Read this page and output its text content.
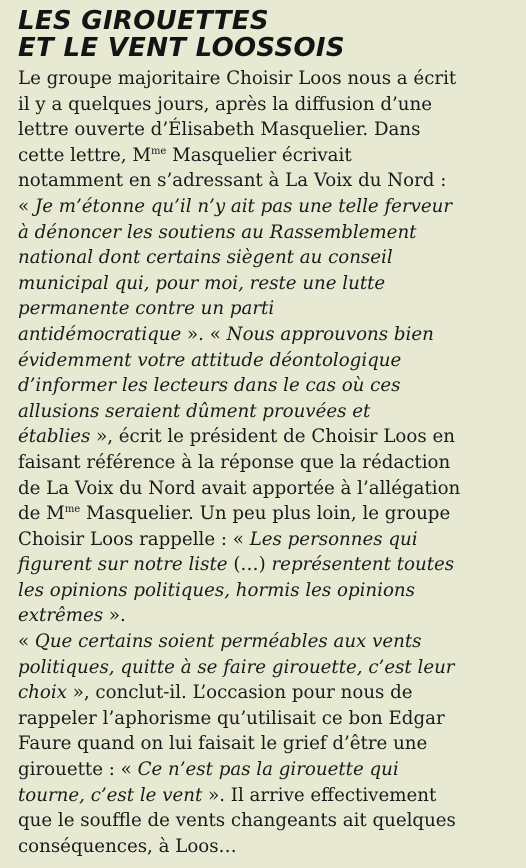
LES GIROUETTES
ET LE VENT LOOSSOIS
Le groupe majoritaire Choisir Loos nous a écrit
il y a quelques jours, après la diffusion d’une
lettre ouverte d’Élisabeth Masquelier. Dans
cette lettre, $M^{me}$ Masquelier écrivait
notamment en s’adressant à La Voix du Nord :
« Je m’étonne qu’il n’y ait pas une telle ferveur
à dénoncer les soutiens au Rassemblement
national dont certains siègent au conseil
municipal qui, pour moi, reste une lutte
permanente contre un parti
antidémocratique ». « Nous approuvons bien
évidemment votre attitude déontologique
d’informer les lecteurs dans le cas où ces
allusions seraient dûment prouvées et
établies », écrit le président de Choisir Loos en
faisant référence à la réponse que la rédaction
de La Voix du Nord avait apportée à l’allégation
de $M^{me}$ Masquelier. Un peu plus loin, le groupe
Choisir Loos rappelle : « Les personnes qui
figurent sur notre liste (…) représentent toutes
les opinions politiques, hormis les opinions
extrêmes ».
« Que certains soient perméables aux vents
politiques, quitte à se faire girouette, c’est leur
choix », conclut-il. L’occasion pour nous de
rappeler l’aphorisme qu’utilisait ce bon Edgar
Faure quand on lui faisait le grief d’être une
girouette : « Ce n’est pas la girouette qui
tourne, c’est le vent ». Il arrive effectivement
que le souffle de vents changeants ait quelques
conséquences, à Loos…
